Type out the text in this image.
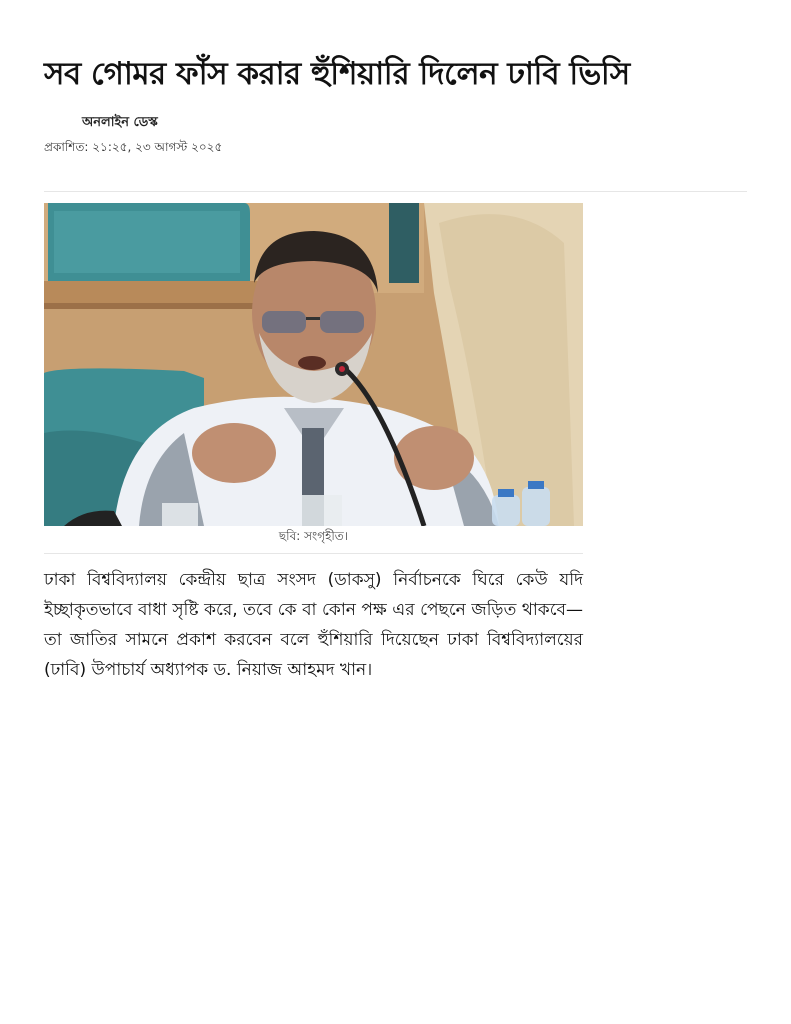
সব গোমর ফাঁস করার হুঁশিয়ারি দিলেন ঢাবি ভিসি
অনলাইন ডেস্ক
প্রকাশিত: ২১:২৫, ২৩ আগস্ট ২০২৫
ছবি: সংগৃহীত।

ঢাকা বিশ্ববিদ্যালয় কেন্দ্রীয় ছাত্র সংসদ (ডাকসু) নির্বাচনকে ঘিরে কেউ যদি ইচ্ছাকৃতভাবে বাধা সৃষ্টি করে, তবে কে বা কোন পক্ষ এর পেছনে জড়িত থাকবে—তা জাতির সামনে প্রকাশ করবেন বলে হুঁশিয়ারি দিয়েছেন ঢাকা বিশ্ববিদ্যালয়ের (ঢাবি) উপাচার্য অধ্যাপক ড. নিয়াজ আহমদ খান।
